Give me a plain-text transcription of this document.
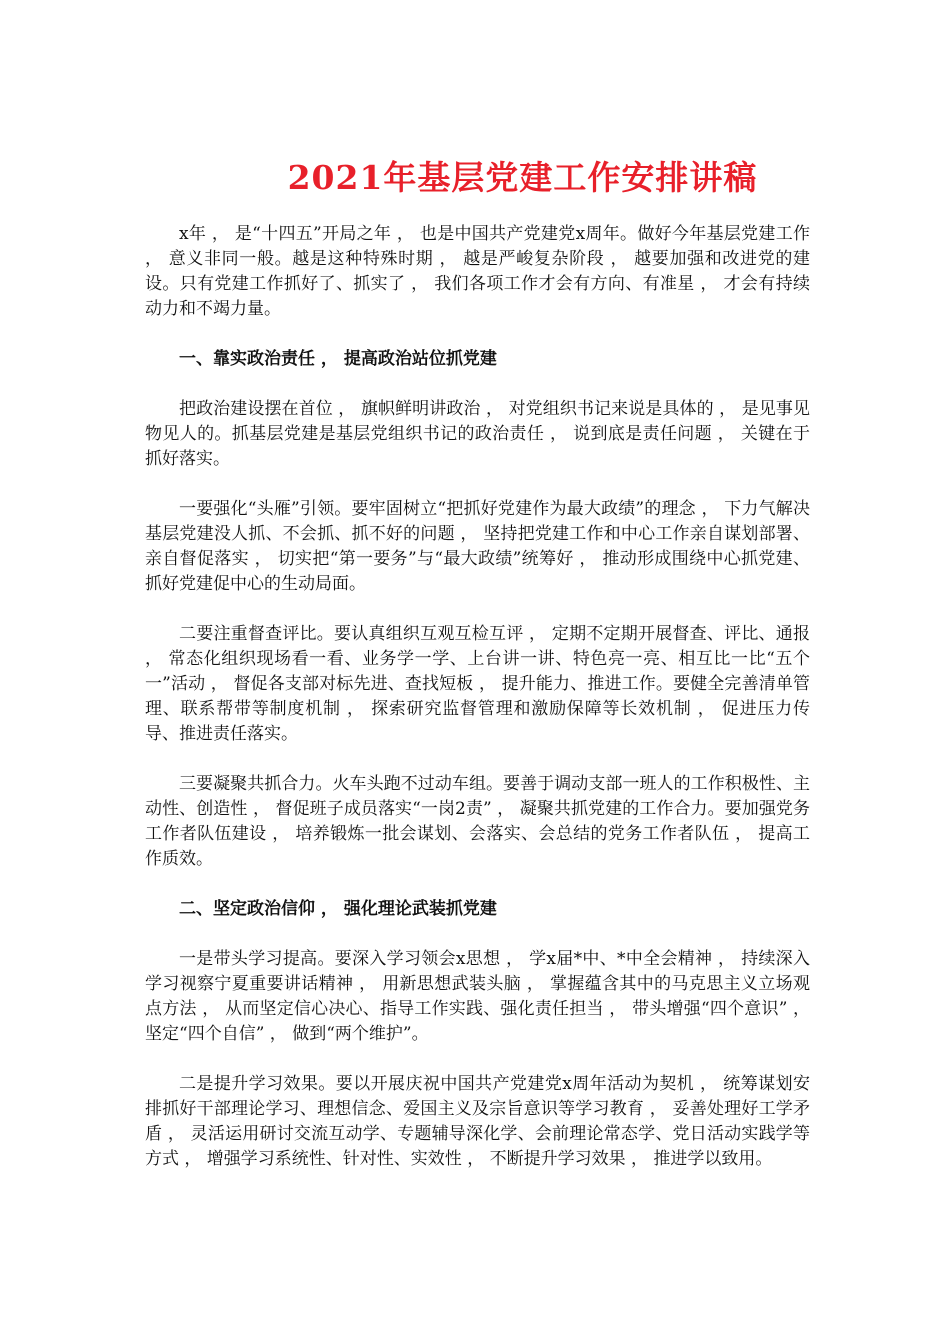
2021年基层党建工作安排讲稿

x年 ， 是“十四五”开局之年 ， 也是中国共产党建党x周年。做好今年基层党建工作 ， 意义非同一般。越是这种特殊时期 ， 越是严峻复杂阶段 ， 越要加强和改进党的建设。只有党建工作抓好了、抓实了 ， 我们各项工作才会有方向、有准星 ， 才会有持续动力和不竭力量。

一、靠实政治责任 ， 提高政治站位抓党建

把政治建设摆在首位 ， 旗帜鲜明讲政治 ， 对党组织书记来说是具体的 ， 是见事见物见人的。抓基层党建是基层党组织书记的政治责任 ， 说到底是责任问题 ， 关键在于抓好落实。

一要强化“头雁”引领。要牢固树立“把抓好党建作为最大政绩”的理念 ， 下力气解决基层党建没人抓、不会抓、抓不好的问题 ， 坚持把党建工作和中心工作亲自谋划部署、亲自督促落实 ， 切实把“第一要务”与“最大政绩”统筹好 ， 推动形成围绕中心抓党建、抓好党建促中心的生动局面。

二要注重督查评比。要认真组织互观互检互评 ， 定期不定期开展督查、评比、通报 ， 常态化组织现场看一看、业务学一学、上台讲一讲、特色亮一亮、相互比一比“五个一”活动 ， 督促各支部对标先进、查找短板 ， 提升能力、推进工作。要健全完善清单管理、联系帮带等制度机制 ， 探索研究监督管理和激励保障等长效机制 ， 促进压力传导、推进责任落实。

三要凝聚共抓合力。火车头跑不过动车组。要善于调动支部一班人的工作积极性、主动性、创造性 ， 督促班子成员落实“一岗2责” ， 凝聚共抓党建的工作合力。要加强党务工作者队伍建设 ， 培养锻炼一批会谋划、会落实、会总结的党务工作者队伍 ， 提高工作质效。

二、坚定政治信仰 ， 强化理论武装抓党建

一是带头学习提高。要深入学习领会x思想 ， 学x届*中、*中全会精神 ， 持续深入学习视察宁夏重要讲话精神 ， 用新思想武装头脑 ， 掌握蕴含其中的马克思主义立场观点方法 ， 从而坚定信心决心、指导工作实践、强化责任担当 ， 带头增强“四个意识” ， 坚定“四个自信” ， 做到“两个维护”。

二是提升学习效果。要以开展庆祝中国共产党建党x周年活动为契机 ， 统筹谋划安排抓好干部理论学习、理想信念、爱国主义及宗旨意识等学习教育 ， 妥善处理好工学矛盾 ， 灵活运用研讨交流互动学、专题辅导深化学、会前理论常态学、党日活动实践学等方式 ， 增强学习系统性、针对性、实效性 ， 不断提升学习效果 ， 推进学以致用。
